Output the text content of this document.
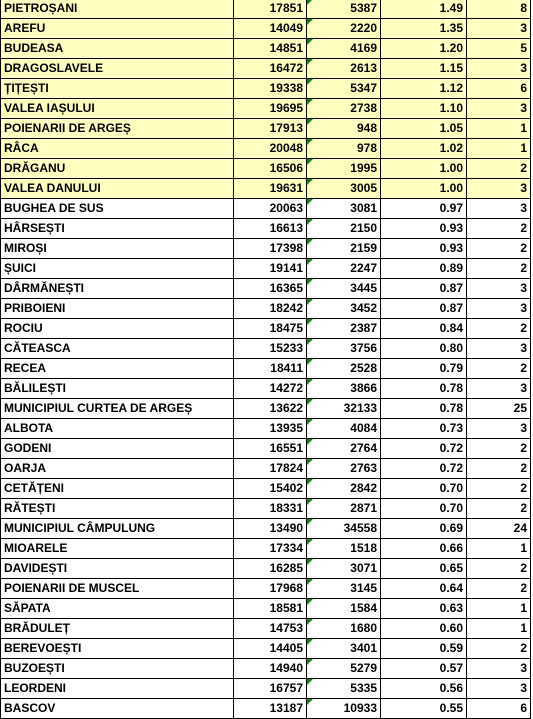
PIETROȘANI	17851	5387	1.49	8
AREFU	14049	2220	1.35	3
BUDEASA	14851	4169	1.20	5
DRAGOSLAVELE	16472	2613	1.15	3
ȚIȚEȘTI	19338	5347	1.12	6
VALEA IAȘULUI	19695	2738	1.10	3
POIENARII DE ARGEȘ	17913	948	1.05	1
RÂCA	20048	978	1.02	1
DRĂGANU	16506	1995	1.00	2
VALEA DANULUI	19631	3005	1.00	3
BUGHEA DE SUS	20063	3081	0.97	3
HÂRSEȘTI	16613	2150	0.93	2
MIROȘI	17398	2159	0.93	2
ȘUICI	19141	2247	0.89	2
DÂRMĂNEȘTI	16365	3445	0.87	3
PRIBOIENI	18242	3452	0.87	3
ROCIU	18475	2387	0.84	2
CĂTEASCA	15233	3756	0.80	3
RECEA	18411	2528	0.79	2
BĂLILEȘTI	14272	3866	0.78	3
MUNICIPIUL CURTEA DE ARGEȘ	13622	32133	0.78	25
ALBOTA	13935	4084	0.73	3
GODENI	16551	2764	0.72	2
OARJA	17824	2763	0.72	2
CETĂȚENI	15402	2842	0.70	2
RĂTEȘTI	18331	2871	0.70	2
MUNICIPIUL CÂMPULUNG	13490	34558	0.69	24
MIOARELE	17334	1518	0.66	1
DAVIDEȘTI	16285	3071	0.65	2
POIENARII DE MUSCEL	17968	3145	0.64	2
SĂPATA	18581	1584	0.63	1
BRĂDULEȚ	14753	1680	0.60	1
BEREVOEȘTI	14405	3401	0.59	2
BUZOEȘTI	14940	5279	0.57	3
LEORDENI	16757	5335	0.56	3
BASCOV	13187	10933	0.55	6
